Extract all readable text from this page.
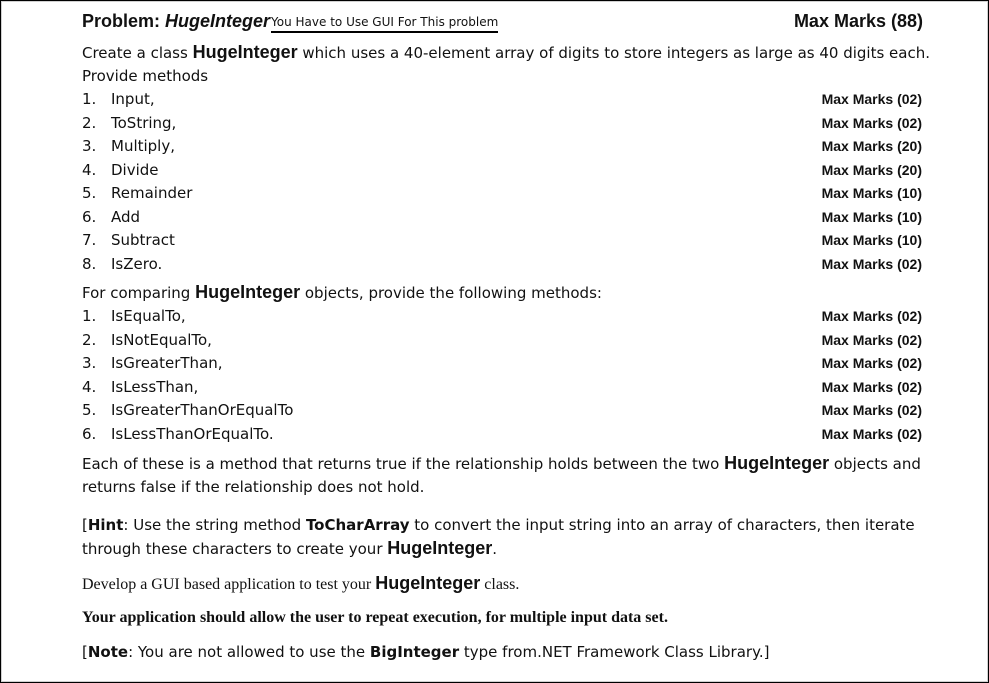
Problem: HugeIntegerYou Have to Use GUI For This problem	Max Marks (88)
Create a class HugeInteger which uses a 40-element array of digits to store integers as large as 40 digits each. Provide methods
1. Input,	Max Marks (02)
2. ToString,	Max Marks (02)
3. Multiply,	Max Marks (20)
4. Divide	Max Marks (20)
5. Remainder	Max Marks (10)
6. Add	Max Marks (10)
7. Subtract	Max Marks (10)
8. IsZero.	Max Marks (02)
For comparing HugeInteger objects, provide the following methods:
1. IsEqualTo,	Max Marks (02)
2. IsNotEqualTo,	Max Marks (02)
3. IsGreaterThan,	Max Marks (02)
4. IsLessThan,	Max Marks (02)
5. IsGreaterThanOrEqualTo	Max Marks (02)
6. IsLessThanOrEqualTo.	Max Marks (02)
Each of these is a method that returns true if the relationship holds between the two HugeInteger objects and returns false if the relationship does not hold.
[Hint: Use the string method ToCharArray to convert the input string into an array of characters, then iterate through these characters to create your HugeInteger.
Develop a GUI based application to test your HugeInteger class.
Your application should allow the user to repeat execution, for multiple input data set.
[Note: You are not allowed to use the BigInteger type from.NET Framework Class Library.]
